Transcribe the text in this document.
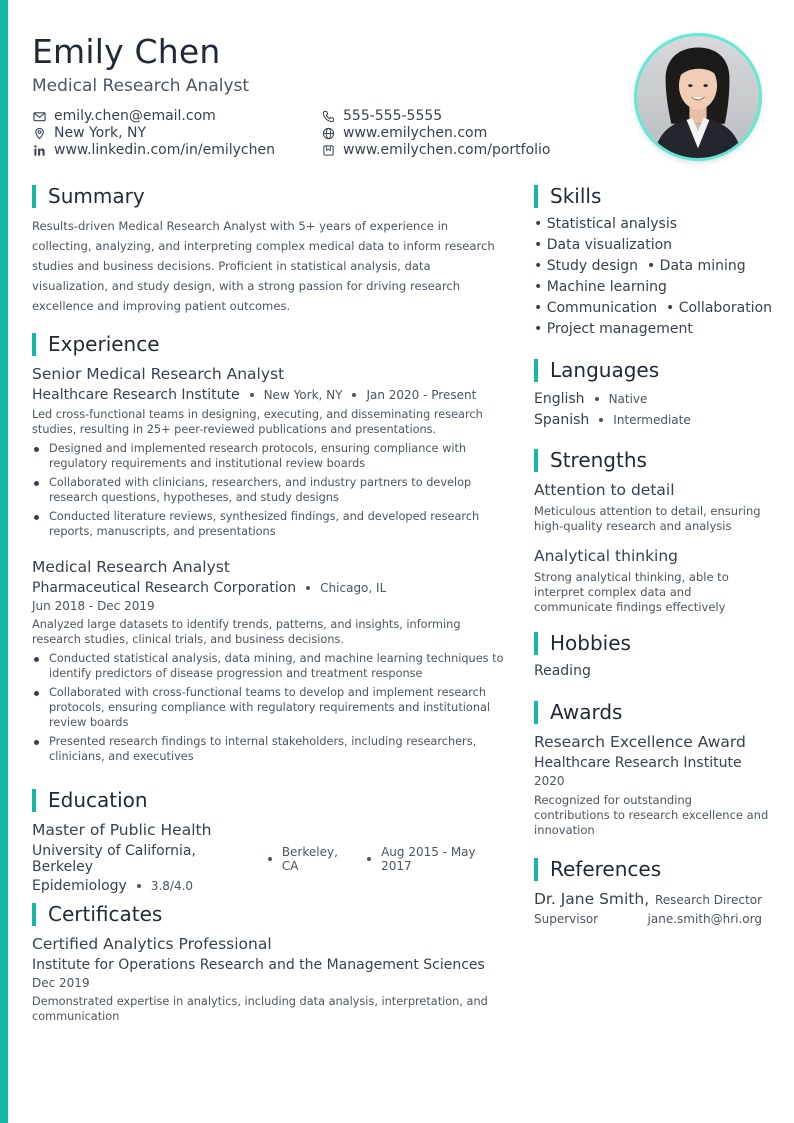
Emily Chen
Medical Research Analyst
emily.chen@email.com
New York, NY
www.linkedin.com/in/emilychen
555-555-5555
www.emilychen.com
www.emilychen.com/portfolio
Summary

Results-driven Medical Research Analyst with 5+ years of experience in collecting, analyzing, and interpreting complex medical data to inform research studies and business decisions. Proficient in statistical analysis, data visualization, and study design, with a strong passion for driving research excellence and improving patient outcomes.

Experience
Senior Medical Research Analyst
Healthcare Research Institute New York, NY Jan 2020 - Present

Led cross-functional teams in designing, executing, and disseminating research studies, resulting in 25+ peer-reviewed publications and presentations.

Designed and implemented research protocols, ensuring compliance with regulatory requirements and institutional review boards
Collaborated with clinicians, researchers, and industry partners to develop research questions, hypotheses, and study designs
Conducted literature reviews, synthesized findings, and developed research reports, manuscripts, and presentations
Medical Research Analyst
Pharmaceutical Research Corporation Chicago, IL
Jun 2018 - Dec 2019

Analyzed large datasets to identify trends, patterns, and insights, informing research studies, clinical trials, and business decisions.

Conducted statistical analysis, data mining, and machine learning techniques to identify predictors of disease progression and treatment response
Collaborated with cross-functional teams to develop and implement research protocols, ensuring compliance with regulatory requirements and institutional review boards
Presented research findings to internal stakeholders, including researchers, clinicians, and executives
Education
Master of Public Health
University of California, Berkeley
Berkeley, CA
Aug 2015 - May 2017
Epidemiology 3.8/4.0
Certificates
Certified Analytics Professional
Institute for Operations Research and the Management Sciences
Dec 2019

Demonstrated expertise in analytics, including data analysis, interpretation, and communication

Skills
• Statistical analysis
• Data visualization
• Study design • Data mining
• Machine learning
• Communication • Collaboration
• Project management
Languages
English Native
Spanish Intermediate
Strengths
Attention to detail

Meticulous attention to detail, ensuring high-quality research and analysis

Analytical thinking

Strong analytical thinking, able to interpret complex data and communicate findings effectively

Hobbies
Reading
Awards
Research Excellence Award
Healthcare Research Institute
2020

Recognized for outstanding contributions to research excellence and innovation

References
Dr. Jane Smith, Research Director
Supervisor	jane.smith@hri.org
